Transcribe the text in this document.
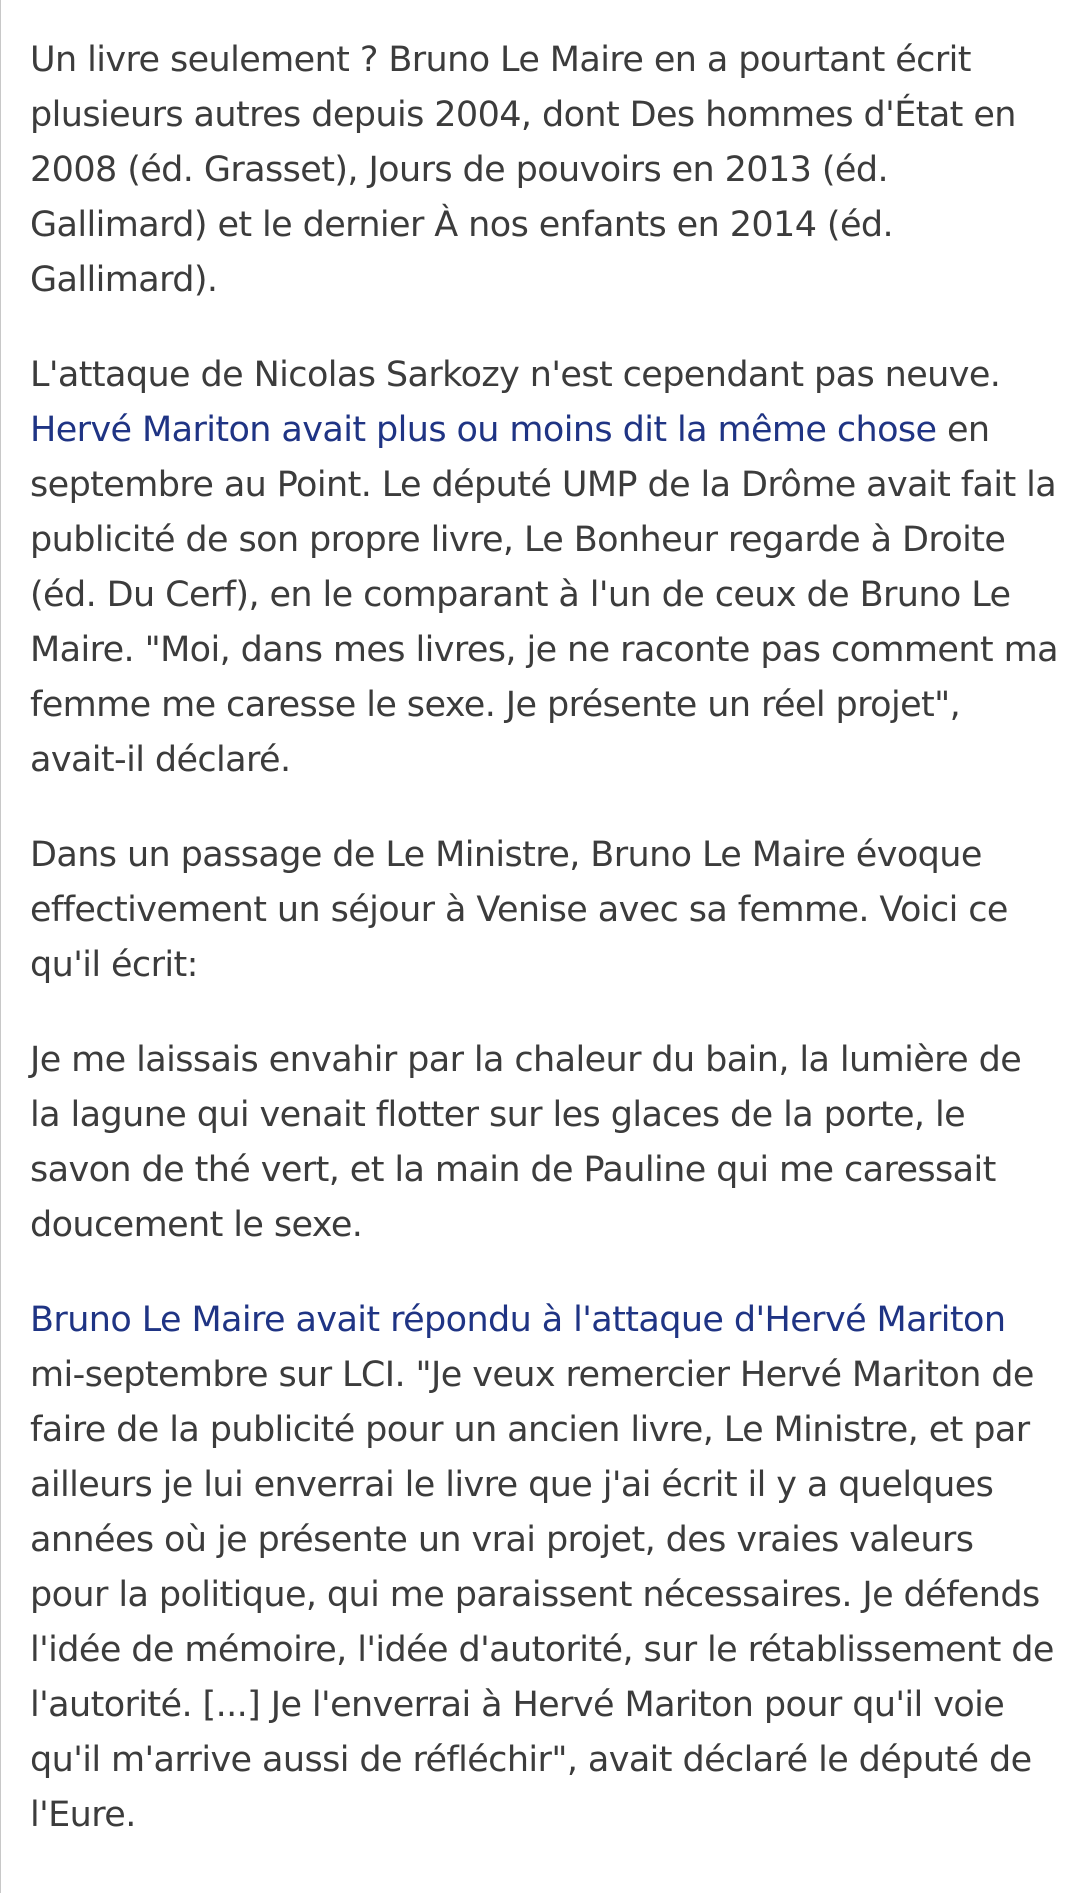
Un livre seulement ? Bruno Le Maire en a pourtant écrit plusieurs autres depuis 2004, dont Des hommes d'État en 2008 (éd. Grasset), Jours de pouvoirs en 2013 (éd. Gallimard) et le dernier À nos enfants en 2014 (éd. Gallimard).

L'attaque de Nicolas Sarkozy n'est cependant pas neuve. Hervé Mariton avait plus ou moins dit la même chose en septembre au Point. Le député UMP de la Drôme avait fait la publicité de son propre livre, Le Bonheur regarde à Droite (éd. Du Cerf), en le comparant à l'un de ceux de Bruno Le Maire. "Moi, dans mes livres, je ne raconte pas comment ma femme me caresse le sexe. Je présente un réel projet", avait-il déclaré.

Dans un passage de Le Ministre, Bruno Le Maire évoque effectivement un séjour à Venise avec sa femme. Voici ce qu'il écrit:

Je me laissais envahir par la chaleur du bain, la lumière de la lagune qui venait flotter sur les glaces de la porte, le savon de thé vert, et la main de Pauline qui me caressait doucement le sexe.

Bruno Le Maire avait répondu à l'attaque d'Hervé Mariton mi-septembre sur LCI. "Je veux remercier Hervé Mariton de faire de la publicité pour un ancien livre, Le Ministre, et par ailleurs je lui enverrai le livre que j'ai écrit il y a quelques années où je présente un vrai projet, des vraies valeurs pour la politique, qui me paraissent nécessaires. Je défends l'idée de mémoire, l'idée d'autorité, sur le rétablissement de l'autorité. [...] Je l'enverrai à Hervé Mariton pour qu'il voie qu'il m'arrive aussi de réfléchir", avait déclaré le député de l'Eure.
